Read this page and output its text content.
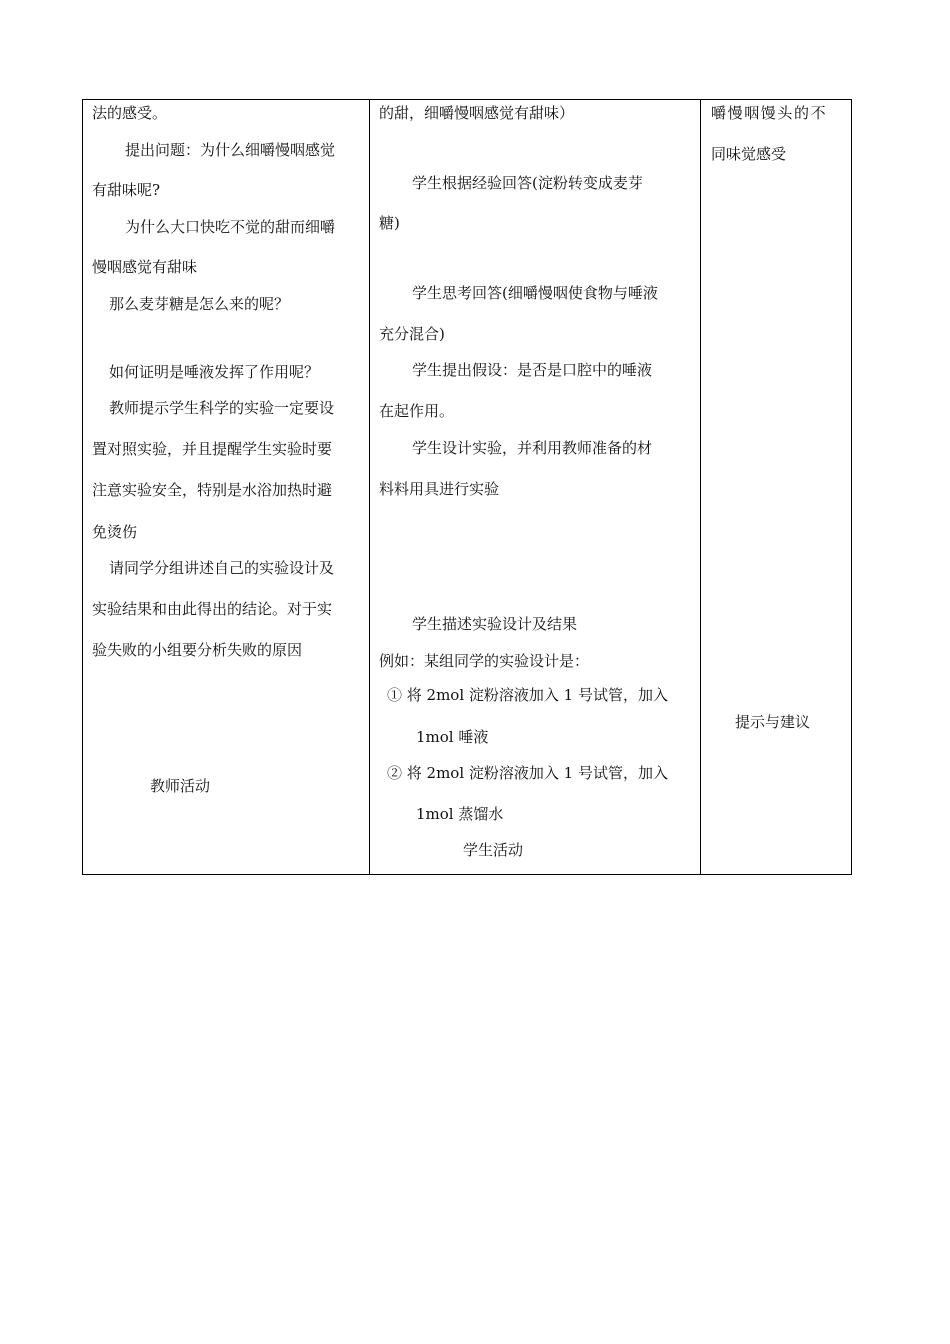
法的感受。
提出问题：为什么细嚼慢咽感觉
有甜味呢?
为什么大口快吃不觉的甜而细嚼
慢咽感觉有甜味
那么麦芽糖是怎么来的呢？
如何证明是唾液发挥了作用呢？
教师提示学生科学的实验一定要设
置对照实验，并且提醒学生实验时要
注意实验安全，特别是水浴加热时避
免烫伤
请同学分组讲述自己的实验设计及
实验结果和由此得出的结论。对于实
验失败的小组要分析失败的原因
教师活动
的甜，细嚼慢咽感觉有甜味）
学生根据经验回答(淀粉转变成麦芽
糖)
学生思考回答(细嚼慢咽使食物与唾液
充分混合)
学生提出假设：是否是口腔中的唾液
在起作用。
学生设计实验，并利用教师准备的材
料料用具进行实验
学生描述实验设计及结果
例如：某组同学的实验设计是：
① 将 2mol 淀粉溶液加入 1 号试管，加入
1mol 唾液
② 将 2mol 淀粉溶液加入 1 号试管，加入
1mol 蒸馏水
学生活动
嚼慢咽馒头的不
同味觉感受
提示与建议
